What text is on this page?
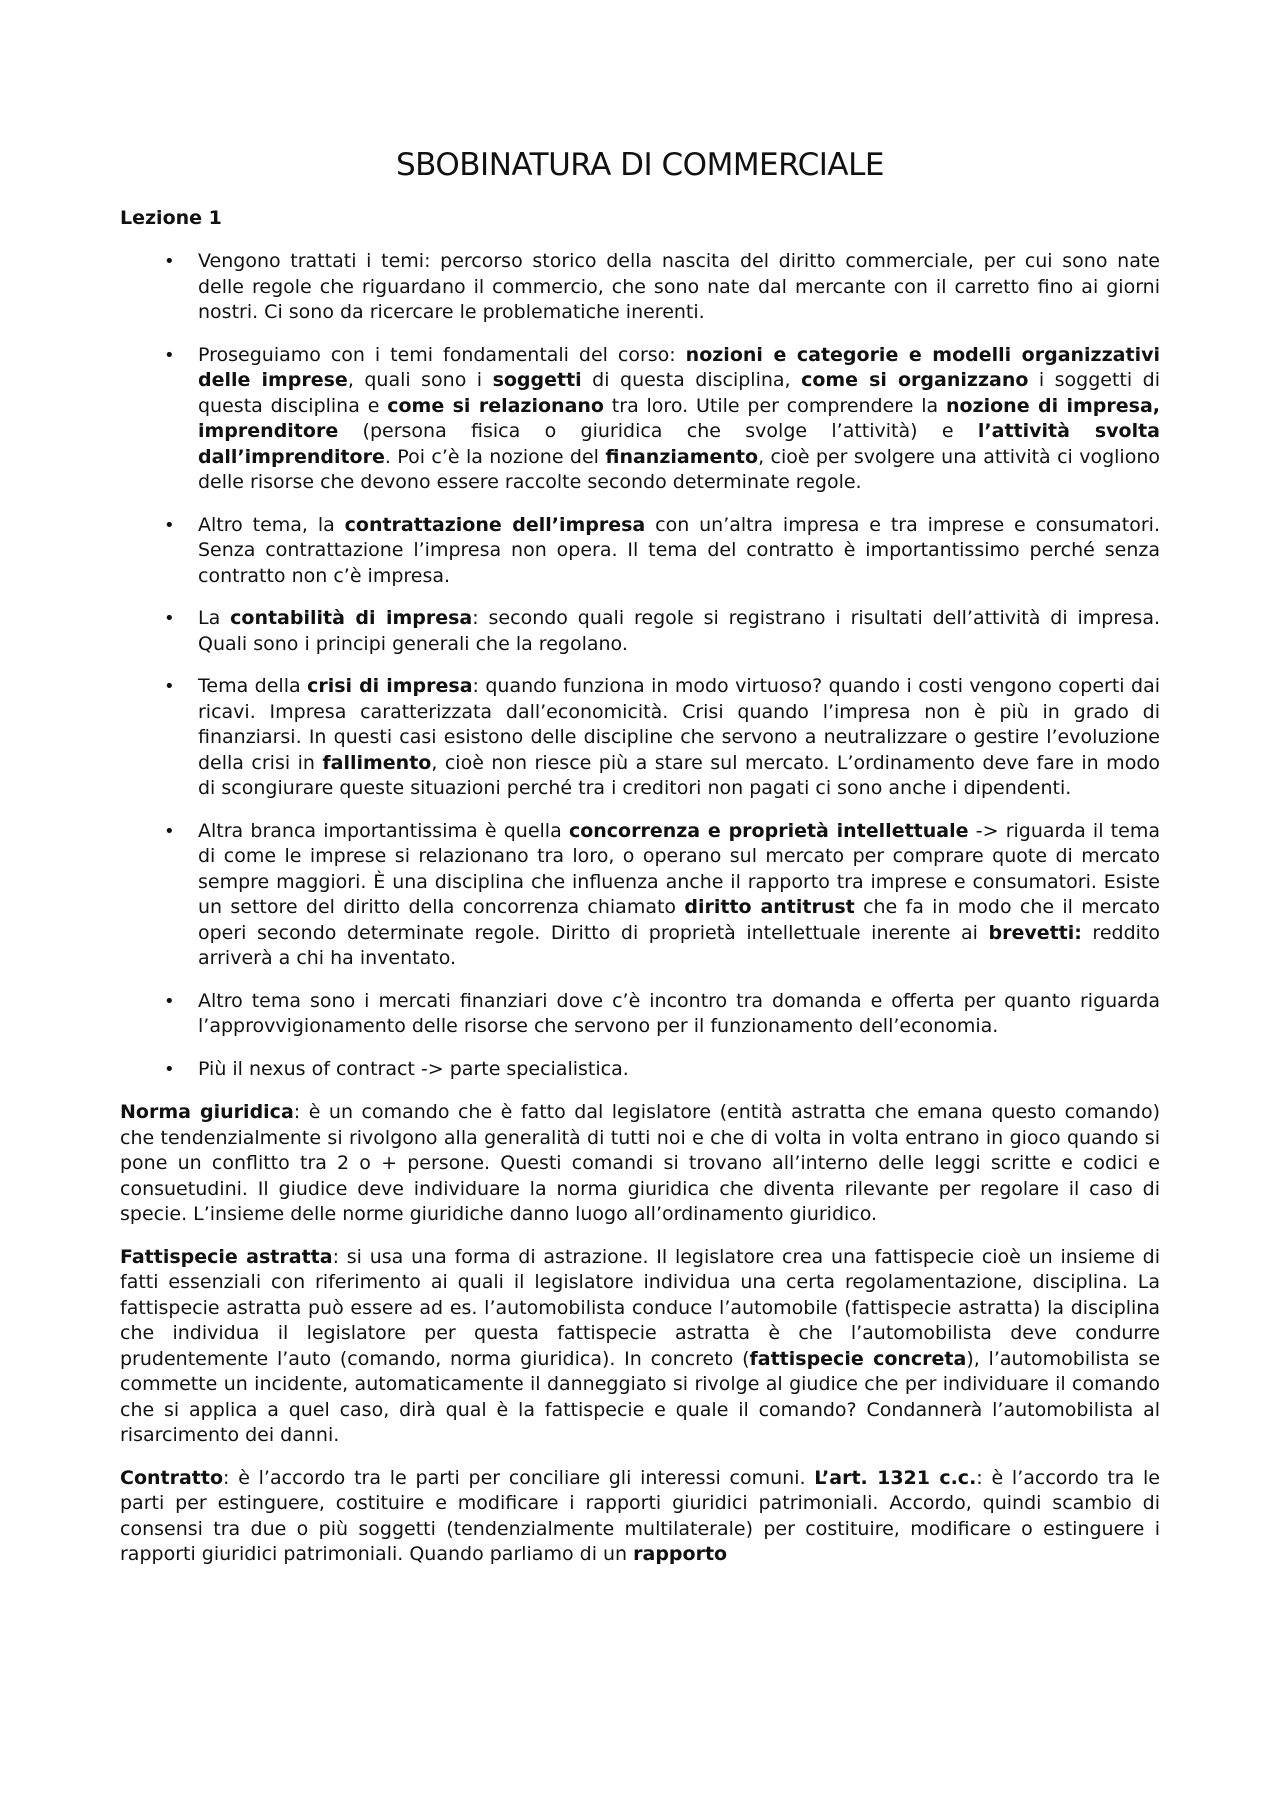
SBOBINATURA DI COMMERCIALE
Lezione 1
• Vengono trattati i temi: percorso storico della nascita del diritto commerciale, per cui sono nate delle regole che riguardano il commercio, che sono nate dal mercante con il carretto fino ai giorni nostri. Ci sono da ricercare le problematiche inerenti.
• Proseguiamo con i temi fondamentali del corso: nozioni e categorie e modelli organizzativi delle imprese, quali sono i soggetti di questa disciplina, come si organizzano i soggetti di questa disciplina e come si relazionano tra loro. Utile per comprendere la nozione di impresa, imprenditore (persona fisica o giuridica che svolge l’attività) e l’attività svolta dall’imprenditore. Poi c’è la nozione del finanziamento, cioè per svolgere una attività ci vogliono delle risorse che devono essere raccolte secondo determinate regole.
• Altro tema, la contrattazione dell’impresa con un’altra impresa e tra imprese e consumatori. Senza contrattazione l’impresa non opera. Il tema del contratto è importantissimo perché senza contratto non c’è impresa.
• La contabilità di impresa: secondo quali regole si registrano i risultati dell’attività di impresa. Quali sono i principi generali che la regolano.
• Tema della crisi di impresa: quando funziona in modo virtuoso? quando i costi vengono coperti dai ricavi. Impresa caratterizzata dall’economicità. Crisi quando l’impresa non è più in grado di finanziarsi. In questi casi esistono delle discipline che servono a neutralizzare o gestire l’evoluzione della crisi in fallimento, cioè non riesce più a stare sul mercato. L’ordinamento deve fare in modo di scongiurare queste situazioni perché tra i creditori non pagati ci sono anche i dipendenti.
• Altra branca importantissima è quella concorrenza e proprietà intellettuale -> riguarda il tema di come le imprese si relazionano tra loro, o operano sul mercato per comprare quote di mercato sempre maggiori. È una disciplina che influenza anche il rapporto tra imprese e consumatori. Esiste un settore del diritto della concorrenza chiamato diritto antitrust che fa in modo che il mercato operi secondo determinate regole. Diritto di proprietà intellettuale inerente ai brevetti: reddito arriverà a chi ha inventato.
• Altro tema sono i mercati finanziari dove c’è incontro tra domanda e offerta per quanto riguarda l’approvvigionamento delle risorse che servono per il funzionamento dell’economia.
• Più il nexus of contract -> parte specialistica.

Norma giuridica: è un comando che è fatto dal legislatore (entità astratta che emana questo comando) che tendenzialmente si rivolgono alla generalità di tutti noi e che di volta in volta entrano in gioco quando si pone un conflitto tra 2 o + persone. Questi comandi si trovano all’interno delle leggi scritte e codici e consuetudini. Il giudice deve individuare la norma giuridica che diventa rilevante per regolare il caso di specie. L’insieme delle norme giuridiche danno luogo all’ordinamento giuridico.

Fattispecie astratta: si usa una forma di astrazione. Il legislatore crea una fattispecie cioè un insieme di fatti essenziali con riferimento ai quali il legislatore individua una certa regolamentazione, disciplina. La fattispecie astratta può essere ad es. l’automobilista conduce l’automobile (fattispecie astratta) la disciplina che individua il legislatore per questa fattispecie astratta è che l’automobilista deve condurre prudentemente l’auto (comando, norma giuridica). In concreto (fattispecie concreta), l’automobilista se commette un incidente, automaticamente il danneggiato si rivolge al giudice che per individuare il comando che si applica a quel caso, dirà qual è la fattispecie e quale il comando? Condannerà l’automobilista al risarcimento dei danni.

Contratto: è l’accordo tra le parti per conciliare gli interessi comuni. L’art. 1321 c.c.: è l’accordo tra le parti per estinguere, costituire e modificare i rapporti giuridici patrimoniali. Accordo, quindi scambio di consensi tra due o più soggetti (tendenzialmente multilaterale) per costituire, modificare o estinguere i rapporti giuridici patrimoniali. Quando parliamo di un rapporto
